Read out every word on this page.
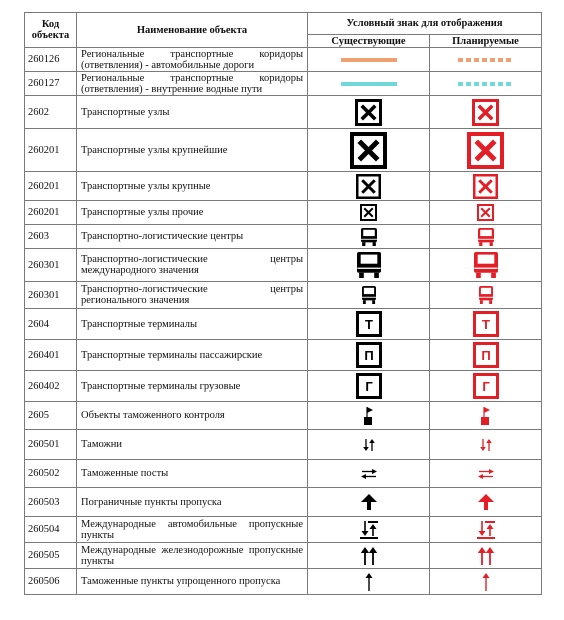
Код объекта	Наименование объекта	Условный знак для отображения	
		Существующие	Планируемые
260126	Региональные транспортные коридоры (ответвления) - автомобильные дороги	

260127	Региональные транспортные коридоры (ответвления) - внутренние водные пути	

2602	Транспортные узлы	

260201	Транспортные узлы крупнейшие	

260201	Транспортные узлы крупные	

260201	Транспортные узлы прочие	

2603	Транспортно-логистические центры	

260301	Транспортно-логистические центры международного значения	

260301	Транспортно-логистические центры регионального значения	

2604	Транспортные терминалы	Т	Т

260401	Транспортные терминалы пассажирские	П	П

260402	Транспортные терминалы грузовые	Г	Г

2605	Объекты таможенного контроля	

260501	Таможни	

260502	Таможенные посты	

260503	Пограничные пункты пропуска	

260504	Международные автомобильные пропускные пункты	

260505	Международные железнодорожные пропускные пункты	

260506	Таможенные пункты упрощенного пропуска	
